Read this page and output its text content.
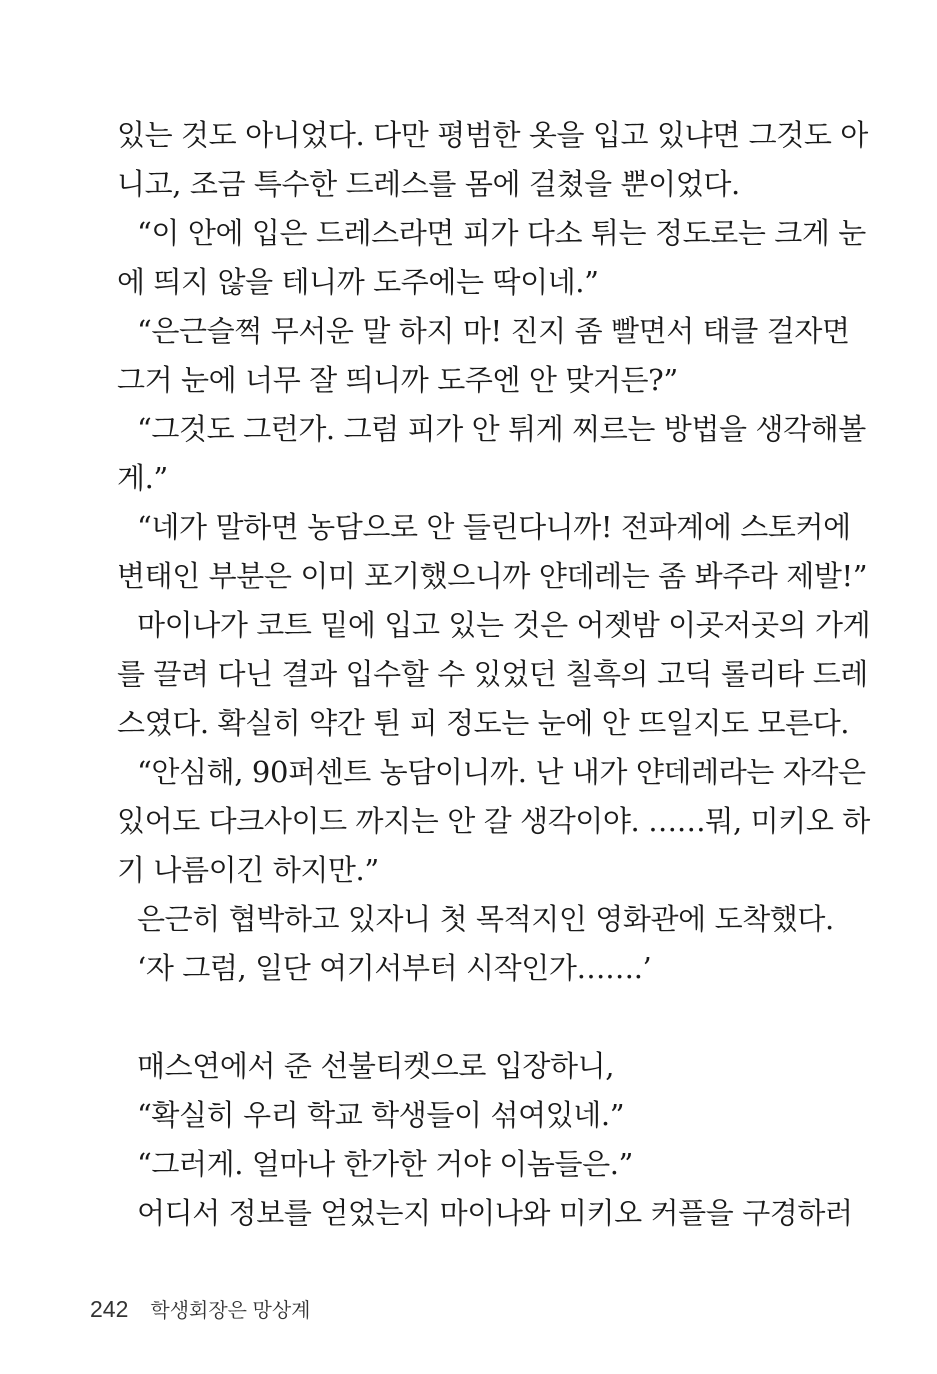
있는 것도 아니었다. 다만 평범한 옷을 입고 있냐면 그것도 아
니고, 조금 특수한 드레스를 몸에 걸쳤을 뿐이었다.
“이 안에 입은 드레스라면 피가 다소 튀는 정도로는 크게 눈
에 띄지 않을 테니까 도주에는 딱이네.”
“은근슬쩍 무서운 말 하지 마! 진지 좀 빨면서 태클 걸자면
그거 눈에 너무 잘 띄니까 도주엔 안 맞거든?”
“그것도 그런가. 그럼 피가 안 튀게 찌르는 방법을 생각해볼
게.”
“네가 말하면 농담으로 안 들린다니까! 전파계에 스토커에
변태인 부분은 이미 포기했으니까 얀데레는 좀 봐주라 제발!”
마이나가 코트 밑에 입고 있는 것은 어젯밤 이곳저곳의 가게
를 끌려 다닌 결과 입수할 수 있었던 칠흑의 고딕 롤리타 드레
스였다. 확실히 약간 튄 피 정도는 눈에 안 뜨일지도 모른다.
“안심해, 90퍼센트 농담이니까. 난 내가 얀데레라는 자각은
있어도 다크사이드 까지는 안 갈 생각이야. ……뭐, 미키오 하
기 나름이긴 하지만.”
은근히 협박하고 있자니 첫 목적지인 영화관에 도착했다.
‘자 그럼, 일단 여기서부터 시작인가…….’
매스연에서 준 선불티켓으로 입장하니,
“확실히 우리 학교 학생들이 섞여있네.”
“그러게. 얼마나 한가한 거야 이놈들은.”
어디서 정보를 얻었는지 마이나와 미키오 커플을 구경하러
242 학생회장은 망상계
